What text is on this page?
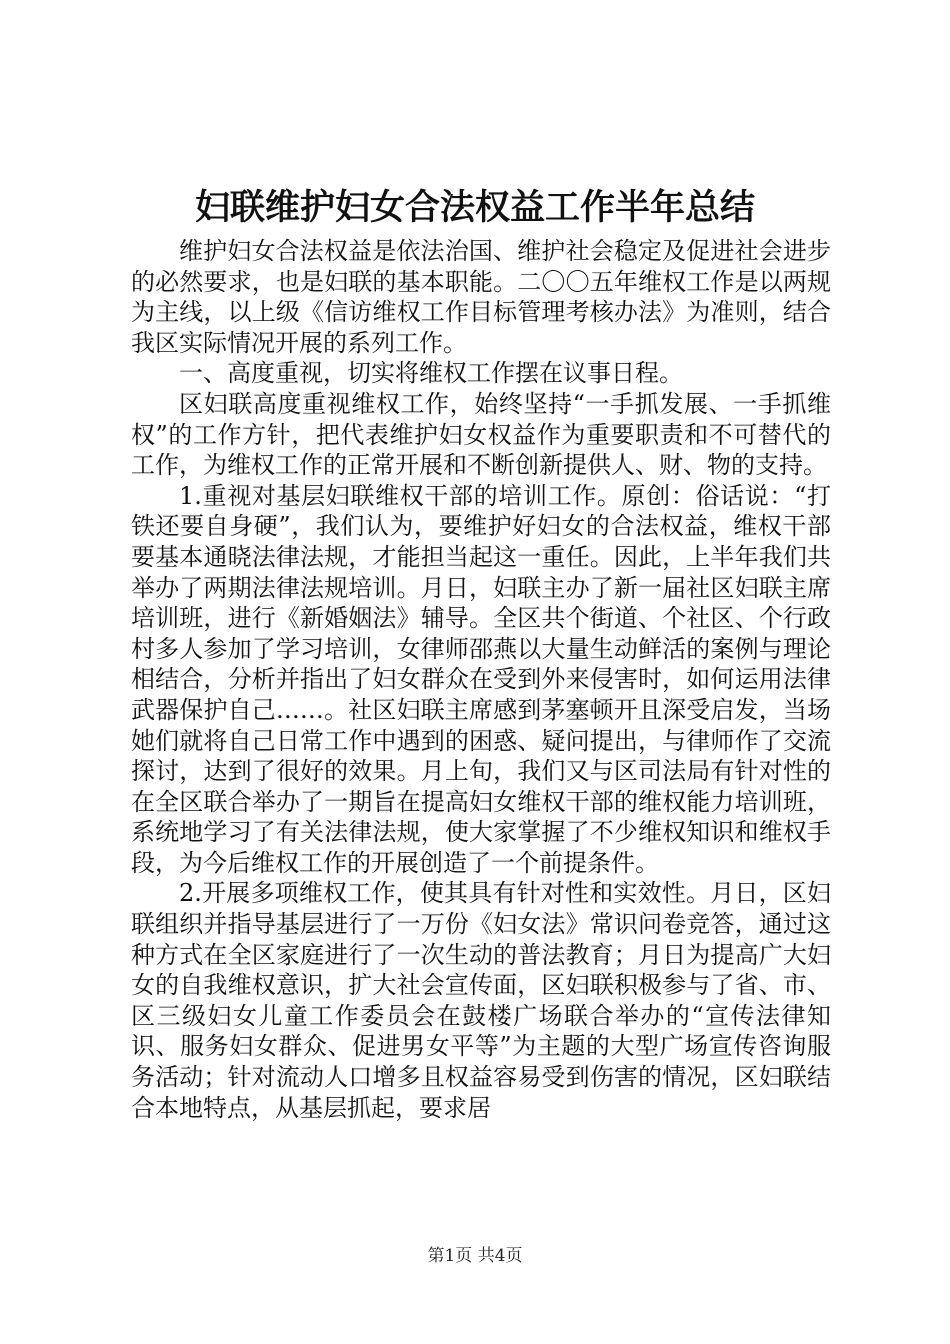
妇联维护妇女合法权益工作半年总结

维护妇女合法权益是依法治国、维护社会稳定及促进社会进步的必然要求，也是妇联的基本职能。二〇〇五年维权工作是以两规为主线，以上级《信访维权工作目标管理考核办法》为准则，结合我区实际情况开展的系列工作。

一、高度重视，切实将维权工作摆在议事日程。

区妇联高度重视维权工作，始终坚持“一手抓发展、一手抓维权”的工作方针，把代表维护妇女权益作为重要职责和不可替代的工作，为维权工作的正常开展和不断创新提供人、财、物的支持。

1.重视对基层妇联维权干部的培训工作。原创：俗话说：“打铁还要自身硬”，我们认为，要维护好妇女的合法权益，维权干部要基本通晓法律法规，才能担当起这一重任。因此，上半年我们共举办了两期法律法规培训。月日，妇联主办了新一届社区妇联主席培训班，进行《新婚姻法》辅导。全区共个街道、个社区、个行政村多人参加了学习培训，女律师邵燕以大量生动鲜活的案例与理论相结合，分析并指出了妇女群众在受到外来侵害时，如何运用法律武器保护自己……。社区妇联主席感到茅塞顿开且深受启发，当场她们就将自己日常工作中遇到的困惑、疑问提出，与律师作了交流探讨，达到了很好的效果。月上旬，我们又与区司法局有针对性的在全区联合举办了一期旨在提高妇女维权干部的维权能力培训班，系统地学习了有关法律法规，使大家掌握了不少维权知识和维权手段，为今后维权工作的开展创造了一个前提条件。

2.开展多项维权工作，使其具有针对性和实效性。月日，区妇联组织并指导基层进行了一万份《妇女法》常识问卷竞答，通过这种方式在全区家庭进行了一次生动的普法教育；月日为提高广大妇女的自我维权意识，扩大社会宣传面，区妇联积极参与了省、市、区三级妇女儿童工作委员会在鼓楼广场联合举办的“宣传法律知识、服务妇女群众、促进男女平等”为主题的大型广场宣传咨询服务活动；针对流动人口增多且权益容易受到伤害的情况，区妇联结合本地特点，从基层抓起，要求居

第1页 共4页
